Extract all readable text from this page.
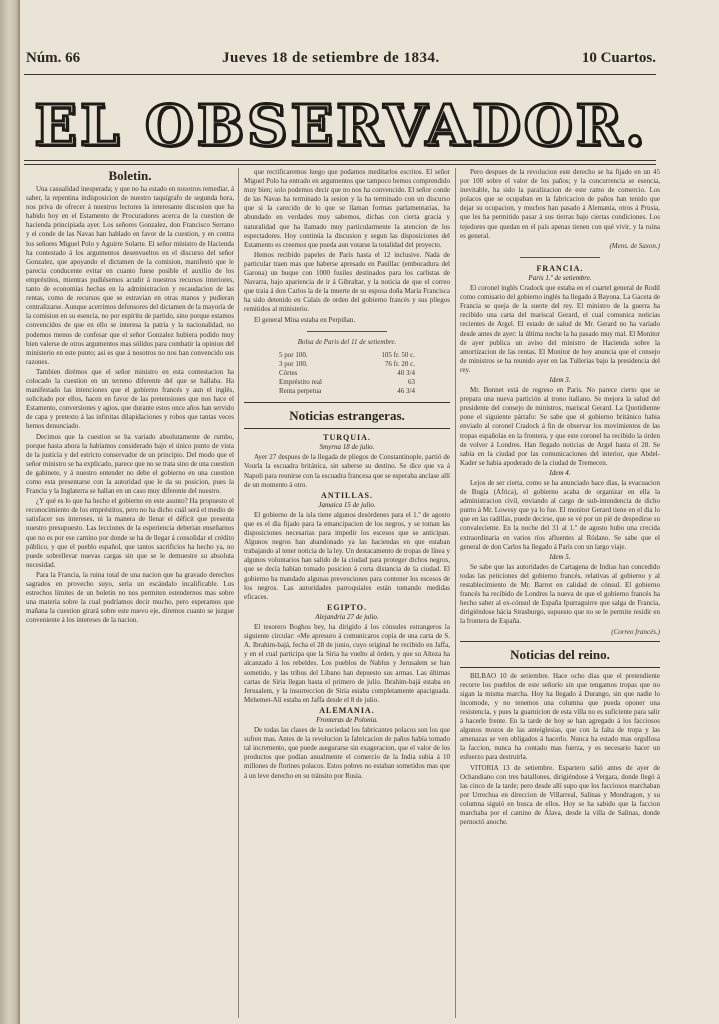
Núm. 66	Jueves 18 de setiembre de 1834.	10 Cuartos.
EL OBSERVADOR.

Boletin.

Una casualidad inesperada; y que no ha estado en nosotros remediar, á saber, la repentina indisposicion de nuestro taquígrafo de segunda hora, nos priva de ofrecer á nuestros lectores la interesante discusion que ha habido hoy en el Estamento de Procuradores acerca de la cuestion de hacienda principiada ayer. Los señores Gonzalez, don Francisco Serrano y el conde de las Navas han hablado en favor de la cuestion, y en contra los señores Miguel Polo y Aguirre Solarte. El señor ministro de Hacienda ha contestado á los argumentos desenvueltos en el discurso del señor Gonzalez, que apoyando el dictamen de la comision, manifestó que le parecia conducente evitar en cuanto fuese posible el auxilio de los empréstitos, mientras pudiésemos acudir á nuestros recursos interiores, tanto de economías hechas en la administracion y recaudacion de las rentas, como de recursos que se estravian en otras manos y pudieran centralizarse. Aunque acerrimos defensores del dictamen de la mayoría de la comision en su esencia, no por espíritu de partido, sino porque estamos convencidos de que en ello se interesa la patria y la nacionalidad, no podemos menos de confesar que el señor Gonzalez hubiera podido muy bien valerse de otros argumentos mas sólidos para combatir la opinion del ministerio en este punto; así es que á nosotros no nos han convencido sus razones.

Tambien dirémos que el señor ministro en esta contestacion ha colocado la cuestion en un terreno diferente del que se hallaba. Ha manifestado las intenciones que el gobierno francés y aun el inglés, solicitado por ellos, hacen en favor de las pretensiones que nos hace el Estamento, conversiones y agios, que durante estos once años han servido de capa y pretexto á las infinitas dilapidaciones y robos que tantas veces hemos denunciado.

Decimos que la cuestion se ha variado absolutamente de rumbo, porque hasta ahora la habíamos considerado bajo el único punto de vista de la justicia y del estricto conservador de un principio. Del modo que el señor ministro se ha explicado, parece que no se trata sino de una cuestion de gabinete, y á nuestro entender no debe el gobierno en una cuestion como esta presentarse con la autoridad que le da su posicion, pues la Francia y la Inglaterra se hallan en un caso muy diferente del nuestro.

¿Y qué es lo que ha hecho el gobierno en este asunto? Ha propuesto el reconocimiento de los empréstitos, pero no ha dicho cuál será el medio de satisfacer sus intereses, ni la manera de llenar el déficit que presenta nuestro presupuesto. Las lecciones de la esperiencia deberian enseñarnos que no es por ese camino por donde se ha de llegar á consolidar el crédito público, y que el pueblo español, que tantos sacrificios ha hecho ya, no puede sobrellevar nuevas cargas sin que se le demuestre su absoluta necesidad.

Para la Francia, la ruina total de una nacion que ha gravado derechos sagrados en provecho suyo, seria un escándalo incalificable. Los estrechos límites de un boletin no nos permiten estendernos mas sobre una materia sobre la cual podríamos decir mucho, pero esperamos que mañana la cuestion girará sobre este nuevo eje, diremos cuanto se juzgue conveniente á los intereses de la nacion.

que rectificaremos luego que podamos meditarlos escritos. El señor Miguel Polo ha entrado en argumentos que tampoco hemos comprendido muy bien; solo podemos decir que no nos ha convencido. El señor conde de las Navas ha terminado la sesion y la ha terminado con un discurso que si la carecido de lo que se llaman formas parlamentarias, ha abundado en verdades muy sabemos, dichas con cierta gracia y naturalidad que ha llamado muy particularmente la atencion de los espectadores. Hoy continúa la discusion y segun las disposiciones del Estamento es creemos que pueda aun votarse la totalidad del proyecto.

Hemos recibido papeles de Paris hasta el 12 inclusive. Nada de particular traen mas que haberse apresado en Pauillac (embocadura del Garona) un buque con 1000 fusiles destinados para los carlistas de Navarra, bajo apariencia de ir á Gibraltar, y la noticia de que el correo que traia á don Carlos la de la muerte de su esposa doña María Francisca ha sido detenido en Calais de orden del gobierno francés y sus pliegos remitidos al ministerio.

El general Mina estaba en Perpiñan.

Bolsa de Paris del 11 de setiembre.

5 por 100.	105 fr. 50 c.
3 por 100.	76 fr. 20 c.
Córtes	40 3/4
Empréstito real	63
Renta perpetua	46 3/4

Noticias estrangeras.

TURQUIA.

Smyrna 18 de julio.

Ayer 27 despues de la llegada de pliegos de Constantinople, partió de Vourla la escuadra británica, sin saberse su destino. Se dice que va á Napoli para reunirse con la escuadra francesa que se esperaba anclase allí de un momento á otro.

ANTILLAS.

Jamaica 15 de julio.

El gobierno de la isla tiene algunos desórdenes para el 1.º de agosto que es el dia fijado para la emancipacion de los negros, y se toman las disposiciones necesarias para impedir los escesos que se anticipan. Algunos negros han abandonado ya las haciendas en que estaban trabajando al tener noticia de la ley. Un destacamento de tropas de línea y algunos voluntarios han salido de la ciudad para proteger dichos negros, que se decía habían tomado posicion á corta distancia de la ciudad. El gobierno ha mandado algunas prevenciones para contener los escesos de los negros. Las autoridades parroquiales están tomando medidas eficaces.

EGIPTO.

Alejandría 27 de julio.

El tesorero Boghos bey, ha dirigido á los cónsules estrangeros la siguiente circular: «Me apresuro á comunicaros copia de una carta de S. A. Ibrahim-bajá, fecha el 28 de junio, cuyo original he recibido en Jaffa, y en el cual participa que la Siria ha vuelto al órden, y que su Alteza ha alcanzado á los rebeldes. Los pueblos de Nablus y Jerusalem se han sometido, y las tribus del Líbano han depuesto sus armas. Las últimas cartas de Siria llegan hasta el primero de julio. Ibrahim-bajá estaba en Jerusalem, y la insurreccion de Siria estaba completamente apaciguada. Mehemet-Alí estaba en Jaffa desde el 8 de julio.

ALEMANIA.

Fronteras de Polonia.

De todas las clases de la sociedad los fabricantes polacos son los que sufren mas. Antes de la revolucion la fabricacion de paños había tomado tal incremento, que puede asegurarse sin exageracion, que el valor de los productos que podian anualmente el comercio de la India subia á 10 millones de florines polacos. Estos pobres no estaban sometidos mas que á un leve derecho en su tránsito por Rusia.

Pero despues de la revolucion este derecho se ha fijado en un 45 por 100 sobre el valor de los paños; y la concurrencia se esencia, inevitable, ha sido la paralizacion de este ramo de comercio. Los polacos que se ocupaban en la fabricacion de paños han tenido que dejar su ocupacion, y muchos han pasado á Alemania, otros á Prusia, que les ha permitido pasar á sus tierras bajo ciertas condiciones. Los tejedores que quedan en el país apenas tienen con qué vivir, y la ruina es general.

(Mens. de Saxon.)

FRANCIA.

Paris 1.º de setiembre.

El coronel inglés Cradock que estaba en el cuartel general de Rodil como comisario del gobierno inglés ha llegado á Bayona. La Gaceta de Francia se queja de la suerte del rey. El ministro de la guerra ha recibido una carta del mariscal Gerard, el cual comunica noticias recientes de Argel. El estado de salud de Mr. Gerard no ha variado desde antes de ayer: la última noche la ha pasado muy mal. El Monitor de ayer publica un aviso del ministro de Hacienda sobre la amortizacion de las rentas. El Monitor de hoy anuncia que el consejo de ministros se ha reunido ayer en las Tullerías bajo la presidencia del rey.

Idem 3.

Mr. Bonnet está de regreso en Paris. No parece cierto que se prepara una nueva partición al trono italiano. Se mejora la salud del presidente del consejo de ministros, mariscal Gerard. La Quotidienne pone el siguiente párrafo: Se sabe que el gobierno británico habia enviado al coronel Cradock á fin de observar los movimientos de las tropas españolas en la frontera, y que este coronel ha recibido la órden de volver á Londres. Han llegado noticias de Argel hasta el 28. Se sabia en la ciudad por las comunicaciones del interior, que Abdel-Kader se habia apoderado de la ciudad de Tremecen.

Idem 4.

Lejos de ser cierta, como se ha anunciado hace dias, la evacuacion de Bugía (Africa), el gobierno acaba de organizar en ella la administracion civil, enviando al cargo de sub-intendencia de dicho punto á Mr. Lowesy que ya lo fue. El monitor Gerard tiene en el dia lo que en las radillas, puede decirse, que se vé por un pié de despedirse su convaleciente. En la noche del 31 al 1.º de agosto hubo una crecida extraordinaria en varios ríos afluentes al Ródano. Se sabe que el general de don Carlos ha llegado á París con un largo viaje.

Idem 5.

Se sabe que las autoridades de Cartagena de Indias han concedido todas las peticiones del gobierno francés, relativas al gobierno y al restablecimiento de Mr. Barrot en calidad de cónsul. El gobierno francés ha recibido de Londres la nueva de que el gobierno francés ha hecho saber al ex-cónsul de España Ipurraguirre que salga de Francia, dirigiéndose hácia Strasburgo, supuesto que no se le permite residir en la frontera de España.

(Correo francés.)

Noticias del reino.

BILBAO 10 de setiembre. Hace ocho dias que el pretendiente recorre los pueblos de este señorío sin que tengamos tropas que no sigan la misma marcha. Hoy ha llegado á Durango, sin que nadie lo incomode, y no tenemos una columna que pueda oponer una resistencia, y pues la guarnicion de esta villa no es suficiente para salir á hacerle frente. En la tarde de hoy se han agregado á los facciosos algunos mozos de las anteiglesias, que con la falta de tropa y las amenazas se ven obligados á hacerlo. Nunca ha estado mas orgullosa la faccion, nunca ha contado mas fuerza, y es necesario hacer un esfuerzo para destruirla.

VITORIA 13 de setiembre. Espartero salió antes de ayer de Ochandiano con tres batallones, dirigiéndose á Vergara, donde llegó á las cinco de la tarde; pero desde allí supo que los facciosos marchaban por Urrechua en direccion de Villarreal, Salinas y Mondragon, y su columna siguió en busca de ellos. Hoy se ha sabido que la faccion marchaba por el camino de Álava, desde la villa de Salinas, donde pernoctó anoche.
